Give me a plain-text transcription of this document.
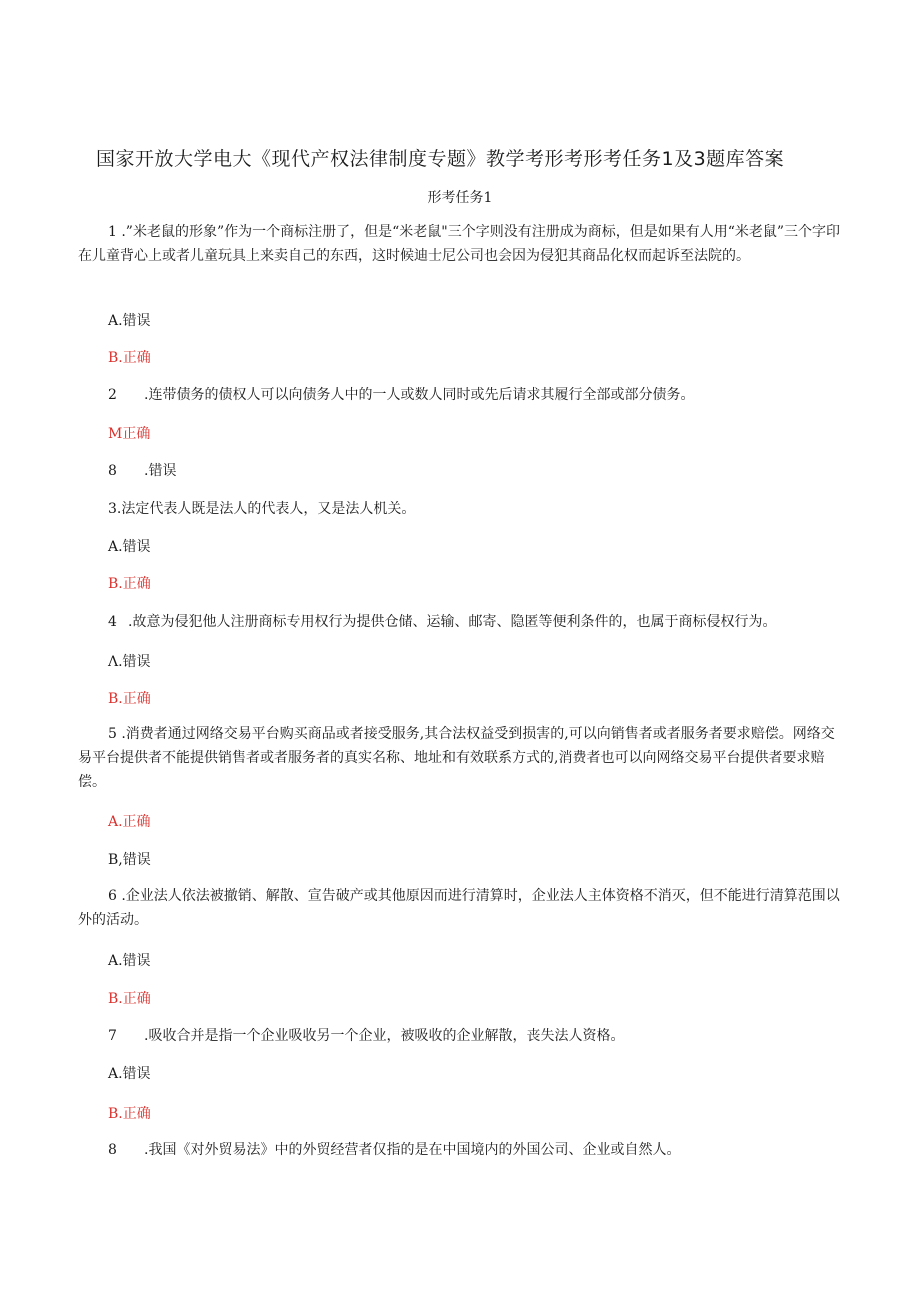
国家开放大学电大《现代产权法律制度专题》教学考形考形考任务1及3题库答案
形考任务1
1 .”米老鼠的形象”作为一个商标注册了，但是“米老鼠"三个字则没有注册成为商标，但是如果有人用“米老鼠”三个字印在儿童背心上或者儿童玩具上来卖自己的东西，这时候迪士尼公司也会因为侵犯其商品化权而起诉至法院的。
A.错误
B.正确
2 .连带债务的债权人可以向债务人中的一人或数人同时或先后请求其履行全部或部分债务。
M正确
8 .错误
3.法定代表人既是法人的代表人，又是法人机关。
A.错误
B.正确
4 .故意为侵犯他人注册商标专用权行为提供仓储、运输、邮寄、隐匿等便利条件的，也属于商标侵权行为。
Λ.错误
B.正确
5 .消费者通过网络交易平台购买商品或者接受服务,其合法权益受到损害的,可以向销售者或者服务者要求赔偿。网络交易平台提供者不能提供销售者或者服务者的真实名称、地址和有效联系方式的,消费者也可以向网络交易平台提供者要求赔偿。
A.正确
B,错误
6 .企业法人依法被撤销、解散、宣告破产或其他原因而进行清算时，企业法人主体资格不消灭，但不能进行清算范围以外的活动。
A.错误
B.正确
7 .吸收合并是指一个企业吸收另一个企业，被吸收的企业解散，丧失法人资格。
A.错误
B.正确
8 .我国《对外贸易法》中的外贸经营者仅指的是在中国境内的外国公司、企业或自然人。
